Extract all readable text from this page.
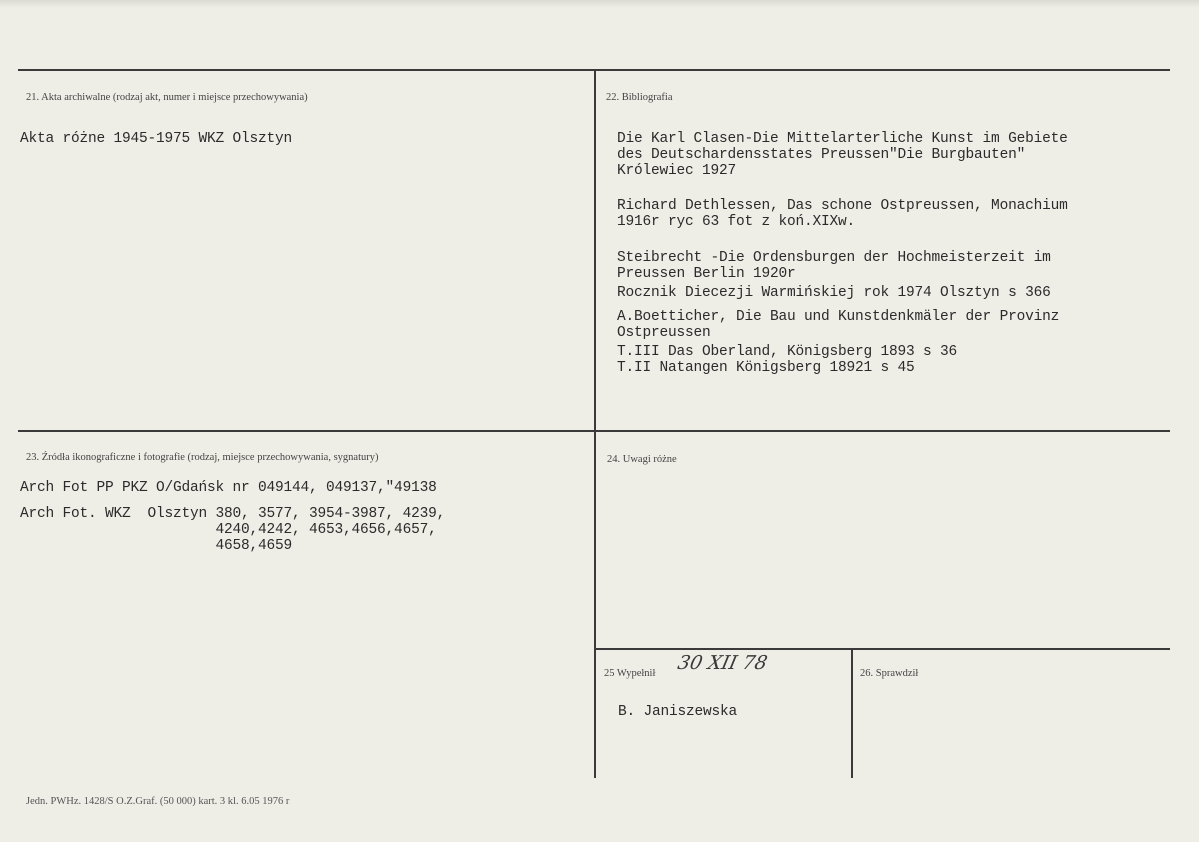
21. Akta archiwalne (rodzaj akt, numer i miejsce przechowywania)
Akta różne 1945-1975 WKZ Olsztyn
22. Bibliografia
Die Karl Clasen-Die Mittelarterliche Kunst im Gebiete
des Deutschardensstates Preussen"Die Burgbauten"
Królewiec 1927
Richard Dethlessen, Das schone Ostpreussen, Monachium
1916r ryc 63 fot z koń.XIXw.
Steibrecht -Die Ordensburgen der Hochmeisterzeit im
Preussen Berlin 1920r
Rocznik Diecezji Warmińskiej rok 1974 Olsztyn s 366
A.Boetticher, Die Bau und Kunstdenkmäler der Provinz
Ostpreussen
T.III Das Oberland, Königsberg 1893 s 36
T.II Natangen Königsberg 18921 s 45
23. Źródła ikonograficzne i fotografie (rodzaj, miejsce przechowywania, sygnatury)
Arch Fot PP PKZ O/Gdańsk nr 049144, 049137,"49138
Arch Fot. WKZ  Olsztyn 380, 3577, 3954-3987, 4239,
4240,4242, 4653,4656,4657,
4658,4659
24. Uwagi różne
25 Wypełnił 30 XII 78
B. Janiszewska
26. Sprawdził
Jedn. PWHz. 1428/S O.Z.Graf. (50 000) kart. 3 kl. 6.05 1976 r
